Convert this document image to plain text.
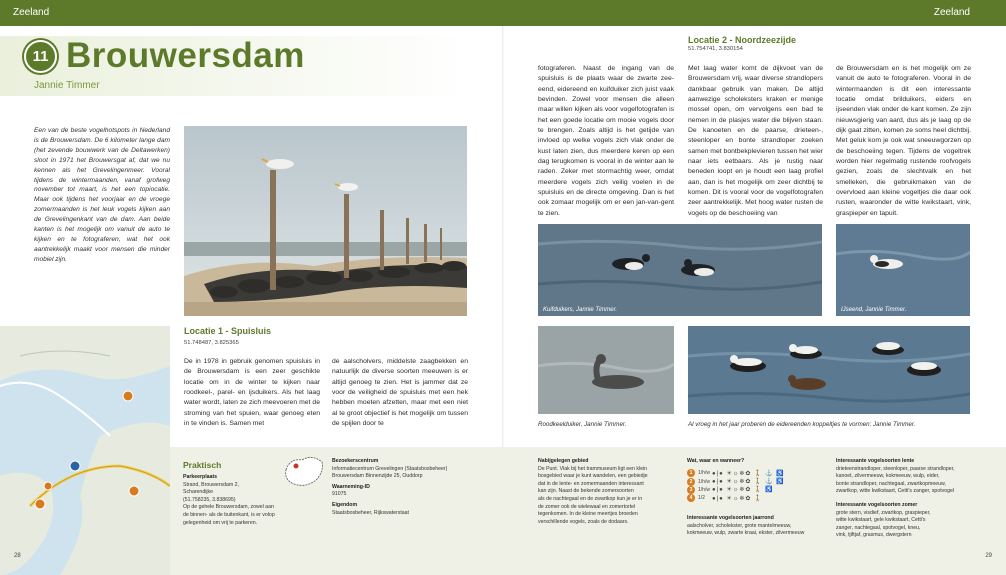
Zeeland	Zeeland
11 Brouwersdam
Jannie Timmer
Een van de beste vogelhotspots in Nederland is de Brouwersdam. De 6 kilometer lange dam (het zevende bouwwerk van de Deltawerken) sloot in 1971 het Brouwersgat af, dat we nu kennen als het Grevelingenmeer. Vooral tijdens de wintermaanden, vanaf grofweg november tot maart, is het een topiocatie. Maar ook tijdens het voorjaar en de vroege zomermaanden is het leuk vogels kijken aan de Grevelingenkant van de dam. Aan beide kanten is het mogelijk om vanuit de auto te kijken en te fotograferen, wat het ook aantrekkelijk maakt voor mensen die minder mobiel zijn.
Locatie 1 - Spuisluis
51.748487, 3.825365
De in 1978 in gebruik genomen spuisluis in de Brouwersdam is een zeer geschikte locatie om in de winter te kijken naar roodkeel-, parel- en ijsduikers. Als het laag water wordt, laten ze zich meevoeren met de stroming van het spuien, waar genoeg eten in te vinden is. Samen met
de aalscholvers, middelste zaagbekken en natuurlijk de diverse soorten meeuwen is er altijd genoeg te zien. Het is jammer dat ze voor de veiligheid de spuisluis met een hek hebben moeten afzetten, maar met een niet al te groot objectief is het mogelijk om tussen de spijlen door te
Locatie 2 - Noordzeezijde
51.754741, 3.830154
fotograferen. Naast de ingang van de spuisluis is de plaats waar de zwarte zee-eend, eidereend en kuifduiker zich juist vaak bevinden. Zowel voor mensen die alleen maar willen kijken als voor vogelfotografen is het een goede locatie om mooie vogels door te brengen. Zoals altijd is het getijde van invloed op welke vogels zich vlak onder de kust laten zien, dus meerdere keren op een dag terugkomen is vooral in de winter aan te raden. Zeker met stormachtig weer, omdat meerdere vogels zich veilig voelen in de spuisluis en de directe omgeving. Dan is het ook zomaar mogelijk om er een jan-van-gent te zien.
Met laag water komt de dijkvoet van de Brouwersdam vrij, waar diverse strandlopers dankbaar gebruik van maken. De altijd aanwezige scholeksters kraken er menige mossel open, om vervolgens een bad te nemen in de plasjes water die blijven staan. De kanoeten en de paarse, drieteen-, steenloper en bonte strandloper zoeken samen met bontbekplevieren tussen het wier naar iets eetbaars. Als je rustig naar beneden loopt en je houdt een laag profiel aan, dan is het mogelijk om zeer dichtbij te komen. Dit is vooral voor de vogelfotografen zeer aantrekkelijk. Met hoog water rusten de vogels op de beschoeiing van
de Brouwersdam en is het mogelijk om ze vanuit de auto te fotograferen. Vooral in de wintermaanden is dit een interessante locatie omdat brilduikers, eiders en ijseenden vlak onder de kant komen. Ze zijn nieuwsgierig van aard, dus als je laag op de dijk gaat zitten, komen ze soms heel dichtbij. Met geluk kom je ook wat sneeuwgorzen op de beschoeiing tegen. Tijdens de vogeltrek worden hier regelmatig rustende roofvogels gezien, zoals de slechtvalk en het smelleken, die gebruikmaken van de overvloed aan kleine vogeltjes die daar ook rusten, waaronder de witte kwikstaart, vink, graspieper en tapuit.
Kuifduikers, Jannie Timmer.	IJseend, Jannie Timmer.
Roodkeelduiker, Jannie Timmer.	Al vroeg in het jaar proberen de eidereenden koppeltjes te vormen; Jannie Timmer.
Praktisch
Parkeerplaats
Strand, Brouwersdam 2,
Scharendijke
(51.758235, 3.838695)
Op de gehele Brouwersdam, zowel aan
de binnen- als de buitenkant, is er volop
gelegenheid om vrij te parkeren.
Bezoekerscentrum
Informatiecentrum Grevelingen (Staatsbosbeheer)
Brouwersdam Binnenzijde 25, Ouddorp
Waarneming-ID
91075
Eigendom
Staatsbosbeheer, Rijkswaterstaat
Nabijgelegen gebied
De Punt. Vlak bij het trammuseum ligt een klein
bosgebied waar je kunt wandelen, een gebiedje
dat in de lente- en zomermaanden interessant
kan zijn. Naast de bekende zomersoorten
als de nachtegaal en de zwartkop kun je er in
de zomer ook de wielewaal en zomertortel
tegenkomen. In de kleine meertjes broeden
verschillende vogels, zoals de dodaars.
Wat, waar en wanneer?
1	1/h/w ●|● ☀☼❄✿ 🚶 ⚓ ♿
2	1/h/w ●|● ☀☼❄✿ 🚶 ⚓ ♿
3	1/h/w ●|● ☀☼❄✿ 🚶 ♿
4	1/2	●|● ☀☼❄✿ 🚶
Interessante vogelsoorten jaarrond
aalscholver, scholekster, grote mantelmeeuw,
kokmeeuw, wulp, zwarte kraai, ekster, zilvermeeuw
Interessante vogelsoorten lente
drieteenstrandloper, steenloper, paarse strandloper,
kanoet, zilvermeeuw, kokmeeuw, wulp, eider,
bonte strandloper, nachtegaal, zwartkopmeeuw,
zwartkop, witte kwikstaart, Cetti's zanger, spotvogel
Interessante vogelsoorten zomer
grote stern, visdief, zwartkop, graspieper,
witte kwikstaart, gele kwikstaart, Cetti's
zanger, nachtegaal, spotvogel, kneu,
vink, tjiftjaf, grasmus, dwergstern
28	29
